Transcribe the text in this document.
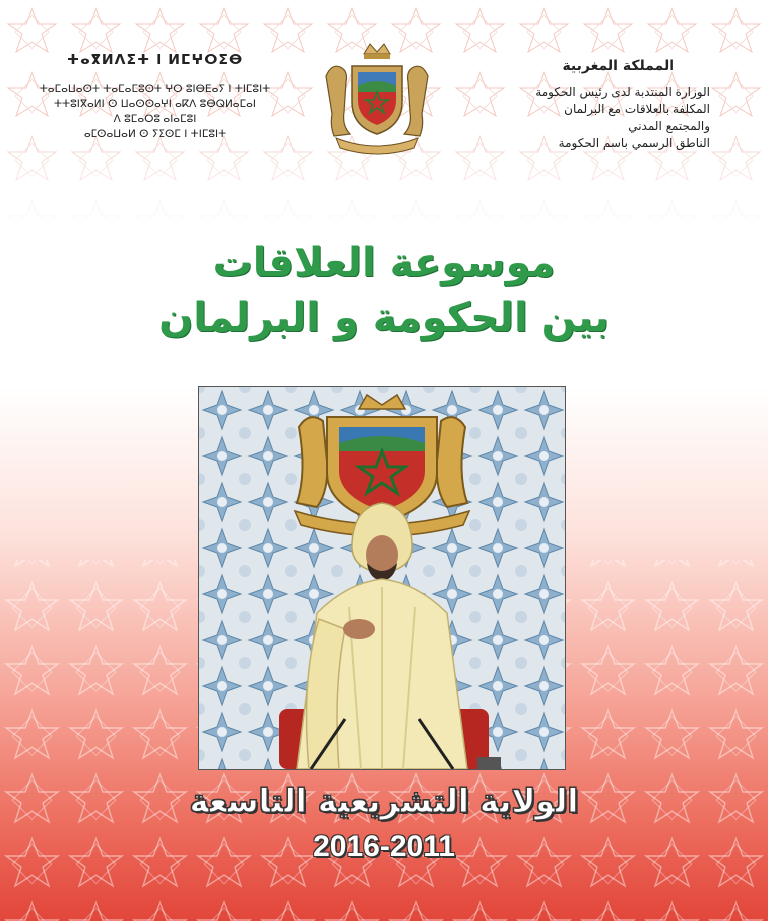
ⵜⴰⴳⵍⴷⵉⵜ ⵏ ⵍⵎⵖⵔⵉⴱ
ⵜⴰⵎⴰⵡⴰⵙⵜ ⵜⴰⵎⴰⵎⵓⵙⵜ ⵖⵔ ⵓⵏⴱⴹⴰⵢ ⵏ ⵜⵏⵎⵓⵏⵜ
ⵜⵜⵓⵏⴳⴰⵍⵏ ⵙ ⵡⴰⵙⵙⴰⵖⵏ ⴰⴽⴷ ⵓⴱⵕⵍⴰⵎⴰⵏ
ⴷ ⵓⵎⴰⵔⵓ ⴰⵏⴰⵎⵓⵏ
ⴰⵎⵙⴰⵡⴰⵍ ⵙ ⵢⵉⵙⵎ ⵏ ⵜⵏⵎⵓⵏⵜ
المملكة المغربية
الوزارة المنتدبة لدى رئيس الحكومة
المكلفة بالعلاقات مع البرلمان
والمجتمع المدني
الناطق الرسمي باسم الحكومة
موسوعة العلاقات
بين الحكومة و البرلمان
الولاية التشريعية التاسعة
2016-2011
